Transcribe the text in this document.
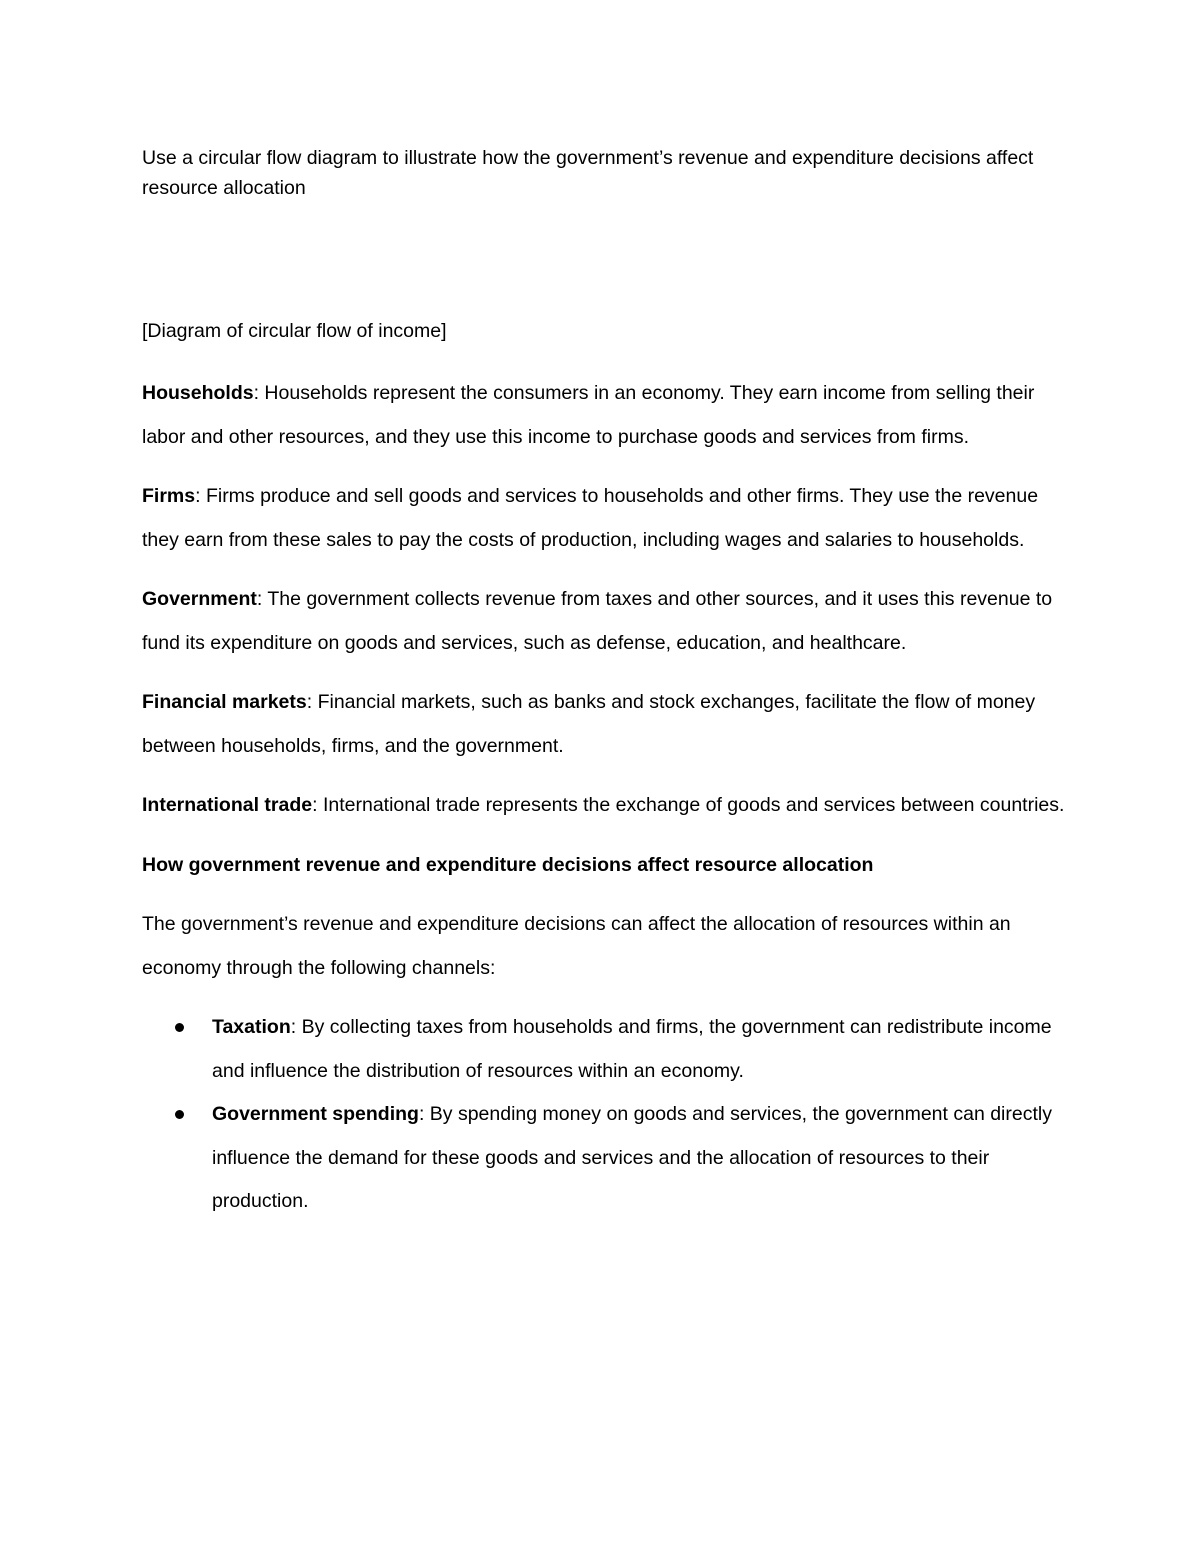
Use a circular flow diagram to illustrate how the government’s revenue and expenditure decisions affect resource allocation

[Diagram of circular flow of income]

Households: Households represent the consumers in an economy. They earn income from selling their labor and other resources, and they use this income to purchase goods and services from firms.

Firms: Firms produce and sell goods and services to households and other firms. They use the revenue they earn from these sales to pay the costs of production, including wages and salaries to households.

Government: The government collects revenue from taxes and other sources, and it uses this revenue to fund its expenditure on goods and services, such as defense, education, and healthcare.

Financial markets: Financial markets, such as banks and stock exchanges, facilitate the flow of money between households, firms, and the government.

International trade: International trade represents the exchange of goods and services between countries.

How government revenue and expenditure decisions affect resource allocation

The government’s revenue and expenditure decisions can affect the allocation of resources within an economy through the following channels:

Taxation: By collecting taxes from households and firms, the government can redistribute income and influence the distribution of resources within an economy.
Government spending: By spending money on goods and services, the government can directly influence the demand for these goods and services and the allocation of resources to their production.
